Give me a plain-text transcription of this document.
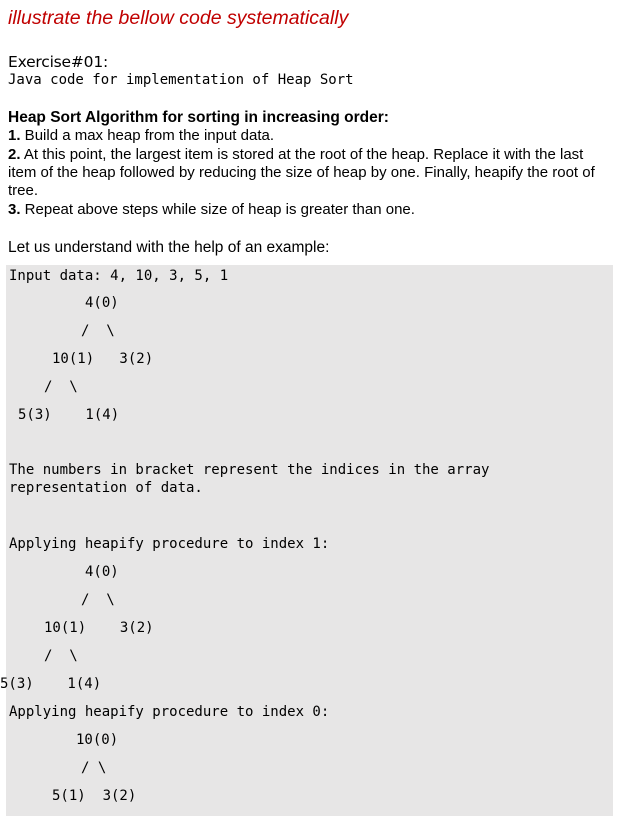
illustrate the bellow code systematically
Exercise#01:
Java code for implementation of Heap Sort
Heap Sort Algorithm for sorting in increasing order:
1. Build a max heap from the input data.
2. At this point, the largest item is stored at the root of the heap. Replace it with the last item of the heap followed by reducing the size of heap by one. Finally, heapify the root of tree.
3. Repeat above steps while size of heap is greater than one.
Let us understand with the help of an example:
Input data: 4, 10, 3, 5, 1
4(0)
/  \
10(1)   3(2)
/  \
5(3)    1(4)
The numbers in bracket represent the indices in the array
representation of data.
Applying heapify procedure to index 1:
4(0)
/  \
10(1)    3(2)
/  \
5(3)    1(4)
Applying heapify procedure to index 0:
10(0)
/ \
5(1)  3(2)
